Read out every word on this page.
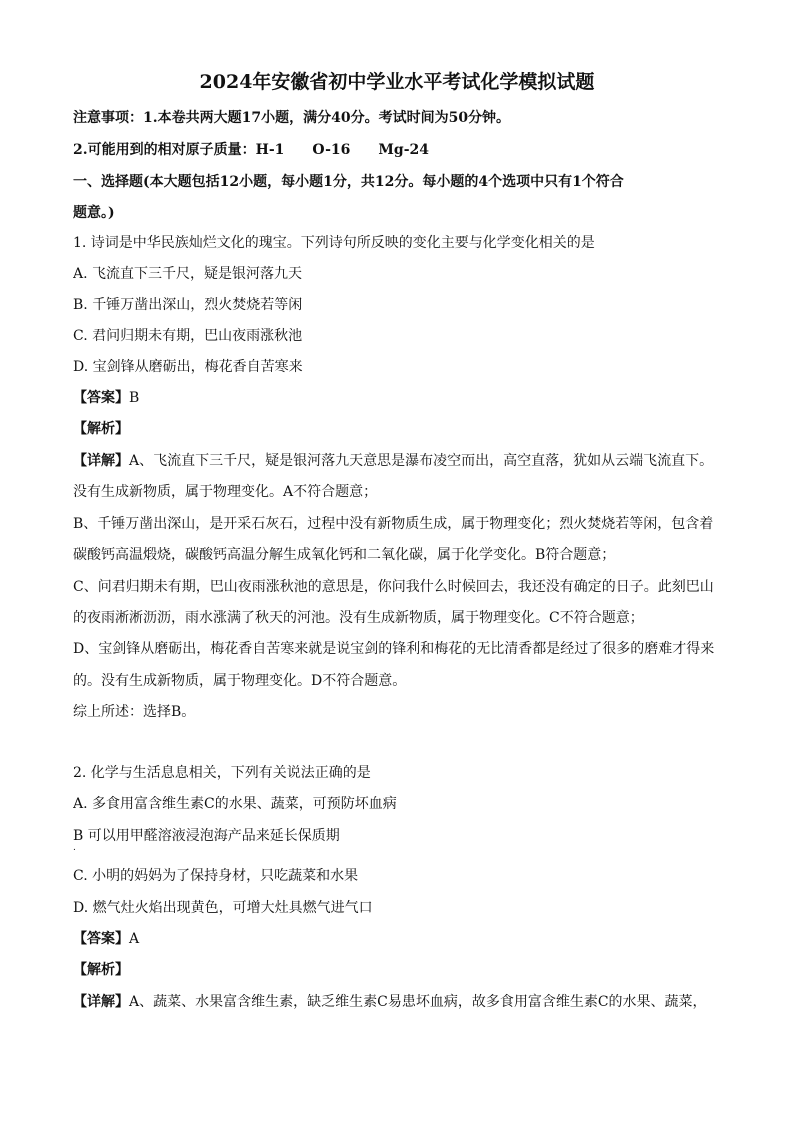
2024年安徽省初中学业水平考试化学模拟试题
注意事项：1.本卷共两大题17小题，满分40分。考试时间为50分钟。
2.可能用到的相对原子质量：H-1 O-16 Mg-24
一、选择题(本大题包括12小题，每小题1分，共12分。每小题的4个选项中只有1个符合
题意。)
1. 诗词是中华民族灿烂文化的瑰宝。下列诗句所反映的变化主要与化学变化相关的是
A. 飞流直下三千尺，疑是银河落九天
B. 千锤万凿出深山，烈火焚烧若等闲
C. 君问归期未有期，巴山夜雨涨秋池
D. 宝剑锋从磨砺出，梅花香自苦寒来
【答案】B
【解析】
【详解】A、飞流直下三千尺，疑是银河落九天意思是瀑布凌空而出，高空直落，犹如从云端飞流直下。
没有生成新物质，属于物理变化。A不符合题意；
B、千锤万凿出深山，是开采石灰石，过程中没有新物质生成，属于物理变化；烈火焚烧若等闲，包含着
碳酸钙高温煅烧，碳酸钙高温分解生成氧化钙和二氧化碳，属于化学变化。B符合题意；
C、问君归期未有期，巴山夜雨涨秋池的意思是，你问我什么时候回去，我还没有确定的日子。此刻巴山
的夜雨淅淅沥沥，雨水涨满了秋天的河池。没有生成新物质，属于物理变化。C不符合题意；
D、宝剑锋从磨砺出，梅花香自苦寒来就是说宝剑的锋利和梅花的无比清香都是经过了很多的磨难才得来
的。没有生成新物质，属于物理变化。D不符合题意。
综上所述：选择B。
2. 化学与生活息息相关，下列有关说法正确的是
A. 多食用富含维生素C的水果、蔬菜，可预防坏血病
B 可以用甲醛溶液浸泡海产品来延长保质期
.
C. 小明的妈妈为了保持身材，只吃蔬菜和水果
D. 燃气灶火焰出现黄色，可增大灶具燃气进气口
【答案】A
【解析】
【详解】A、蔬菜、水果富含维生素，缺乏维生素C易患坏血病，故多食用富含维生素C的水果、蔬菜，
